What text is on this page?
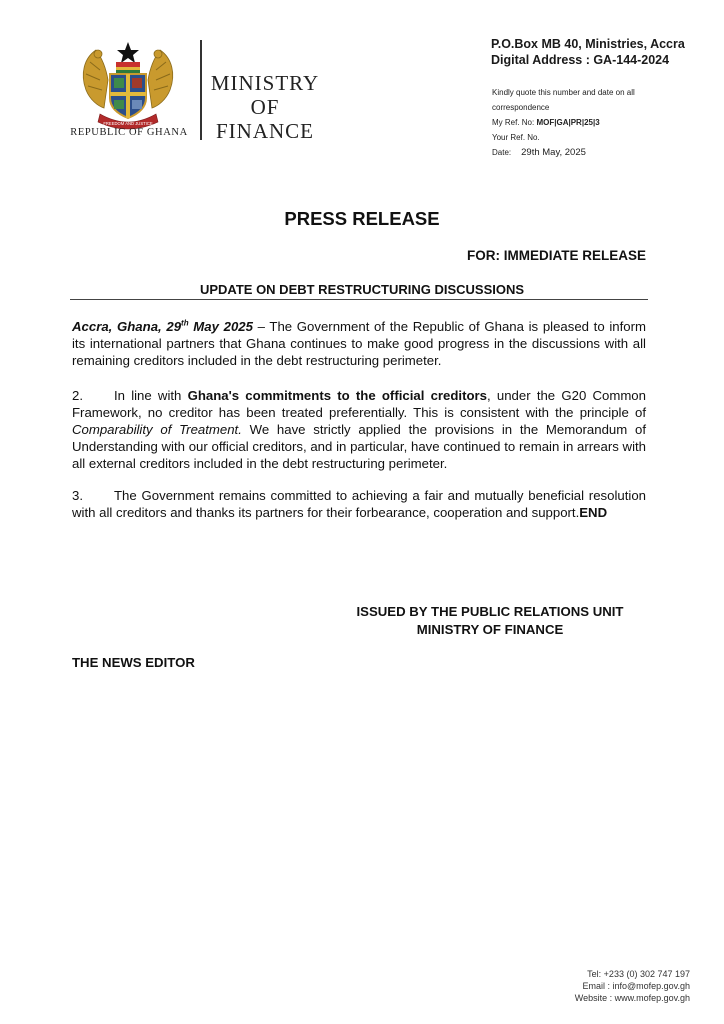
FREEDOM AND JUSTICE
REPUBLIC OF GHANA
MINISTRY
OF
FINANCE
P.O.Box MB 40, Ministries, Accra
Digital Address : GA-144-2024
Kindly quote this number and date on all
correspondence
My Ref. No: MOF|GA|PR|25|3
Your Ref. No.
Date: 29th May, 2025
PRESS RELEASE
FOR: IMMEDIATE RELEASE
UPDATE ON DEBT RESTRUCTURING DISCUSSIONS
Accra, Ghana, 29th May 2025 – The Government of the Republic of Ghana is pleased to inform its international partners that Ghana continues to make good progress in the discussions with all remaining creditors included in the debt restructuring perimeter.
2. In line with Ghana's commitments to the official creditors, under the G20 Common Framework, no creditor has been treated preferentially. This is consistent with the principle of Comparability of Treatment. We have strictly applied the provisions in the Memorandum of Understanding with our official creditors, and in particular, have continued to remain in arrears with all external creditors included in the debt restructuring perimeter.
3. The Government remains committed to achieving a fair and mutually beneficial resolution with all creditors and thanks its partners for their forbearance, cooperation and support.END
ISSUED BY THE PUBLIC RELATIONS UNIT
MINISTRY OF FINANCE
THE NEWS EDITOR
Tel: +233 (0) 302 747 197
Email : info@mofep.gov.gh
Website : www.mofep.gov.gh
